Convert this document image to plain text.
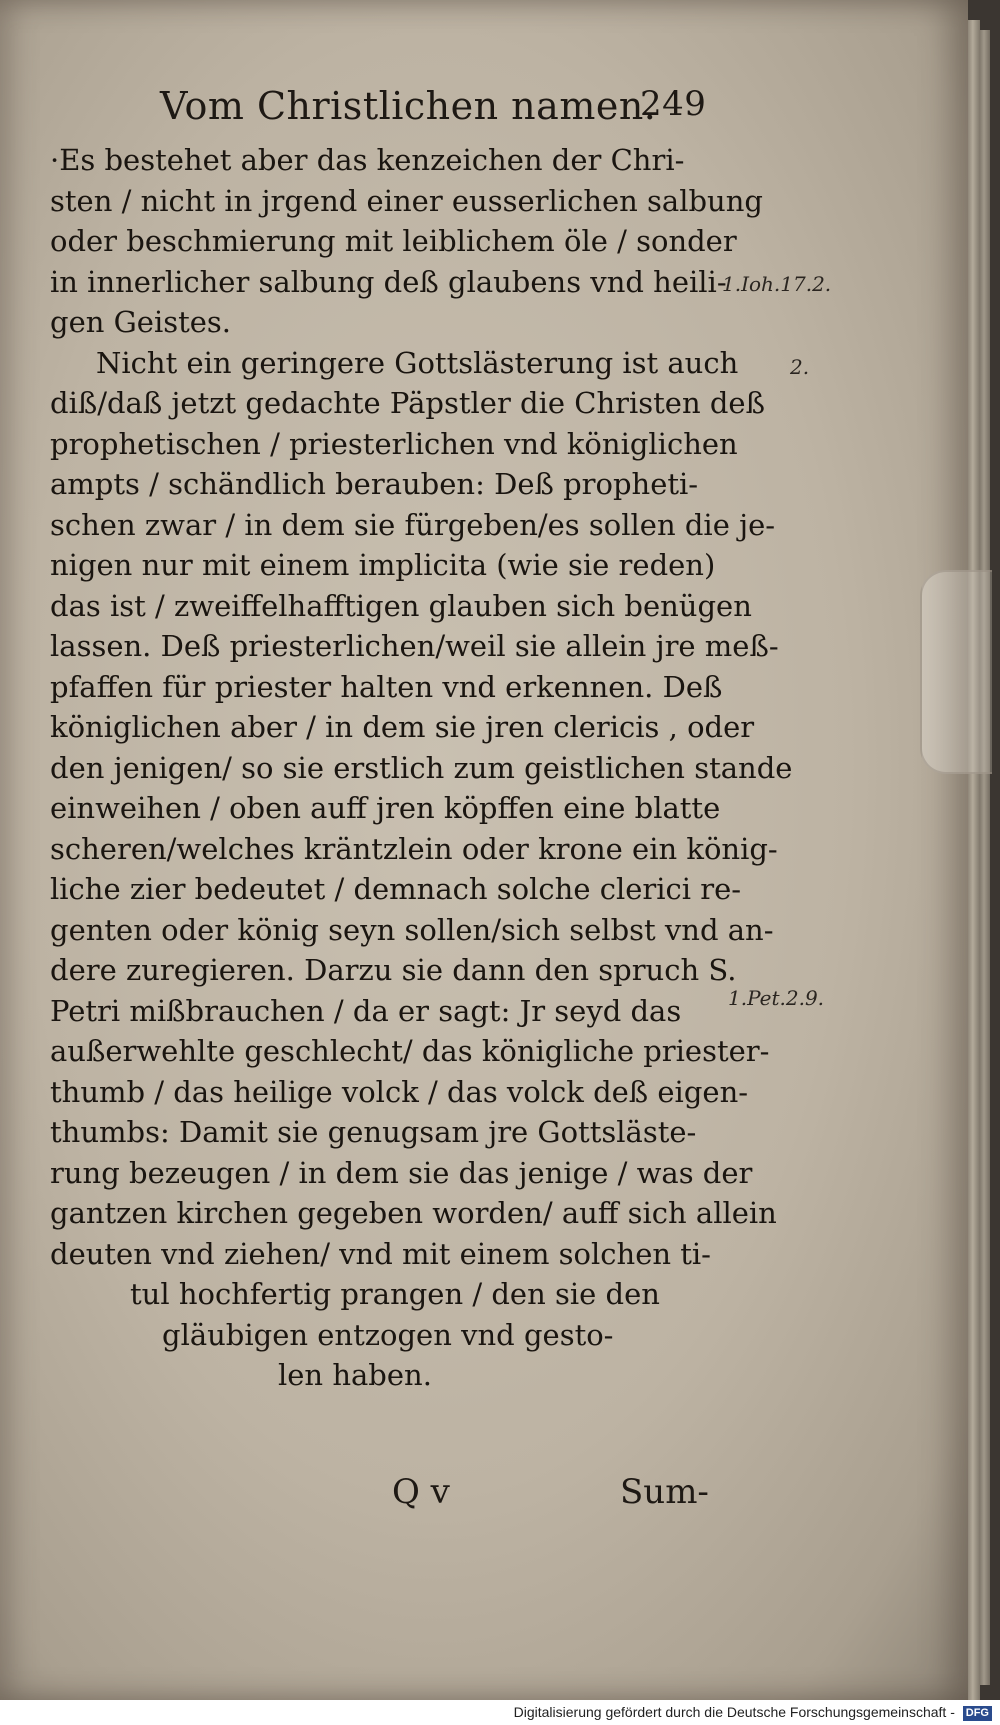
Vom Christlichen namen.
249
·Es bestehet aber das kenzeichen der Chri-
sten / nicht in jrgend einer eusserlichen salbung
oder beschmierung mit leiblichem öle / sonder
in innerlicher salbung deß glaubens vnd heili-
gen Geistes.
Nicht ein geringere Gottslästerung ist auch
diß/daß jetzt gedachte Päpstler die Christen deß
prophetischen / priesterlichen vnd königlichen
ampts / schändlich berauben: Deß propheti-
schen zwar / in dem sie fürgeben/es sollen die je-
nigen nur mit einem implicita (wie sie reden)
das ist / zweiffelhafftigen glauben sich benügen
lassen. Deß priesterlichen/weil sie allein jre meß-
pfaffen für priester halten vnd erkennen. Deß
königlichen aber / in dem sie jren clericis , oder
den jenigen/ so sie erstlich zum geistlichen stande
einweihen / oben auff jren köpffen eine blatte
scheren/welches kräntzlein oder krone ein könig-
liche zier bedeutet / demnach solche clerici re-
genten oder könig seyn sollen/sich selbst vnd an-
dere zuregieren. Darzu sie dann den spruch S.
Petri mißbrauchen / da er sagt: Jr seyd das
außerwehlte geschlecht/ das königliche priester-
thumb / das heilige volck / das volck deß eigen-
thumbs: Damit sie genugsam jre Gottsläste-
rung bezeugen / in dem sie das jenige / was der
gantzen kirchen gegeben worden/ auff sich allein
deuten vnd ziehen/ vnd mit einem solchen ti-
tul hochfertig prangen / den sie den
gläubigen entzogen vnd gesto-
len haben.
1.Ioh.17.2.
2.
1.Pet.2.9.
Q v	Sum-
Digitalisierung gefördert durch die Deutsche Forschungsgemeinschaft - DFG
